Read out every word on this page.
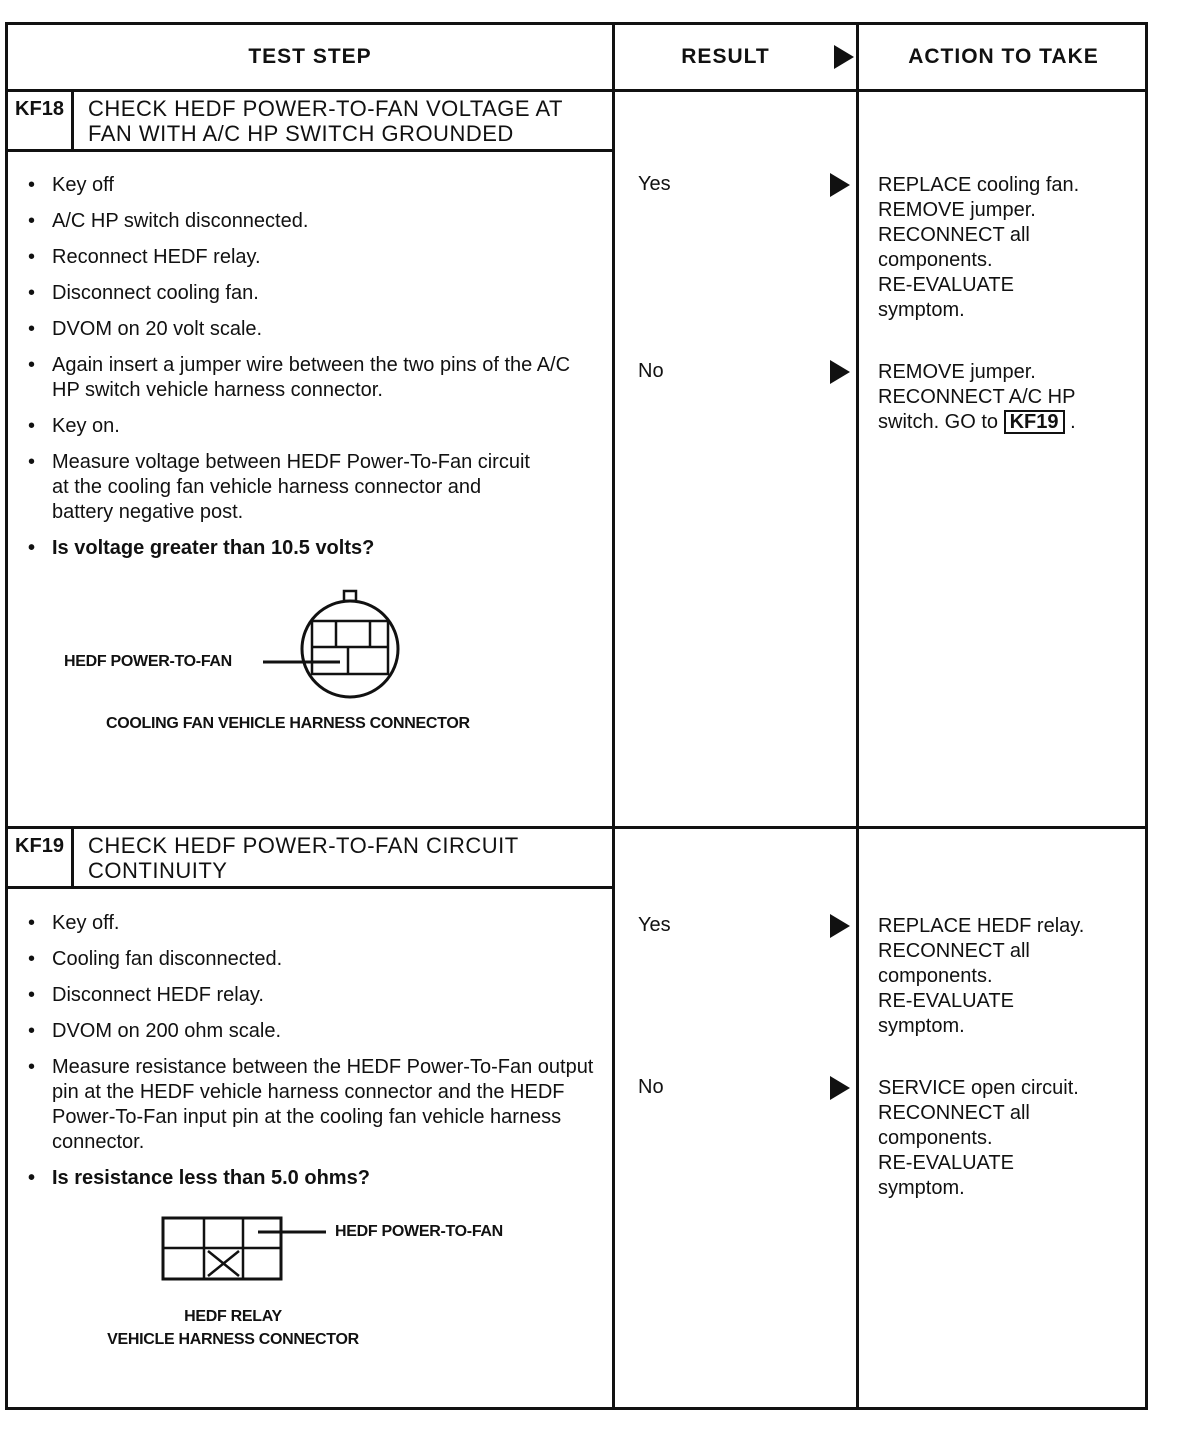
TEST STEP	RESULT	ACTION TO TAKE
KF18	CHECK HEDF POWER-TO-FAN VOLTAGE AT
FAN WITH A/C HP SWITCH GROUNDED
• Key off
• A/C HP switch disconnected.
• Reconnect HEDF relay.
• Disconnect cooling fan.
• DVOM on 20 volt scale.
• Again insert a jumper wire between the two pins of the A/C HP switch vehicle harness connector.
• Key on.
• Measure voltage between HEDF Power-To-Fan circuit at the cooling fan vehicle harness connector and battery negative post.
• Is voltage greater than 10.5 volts?
HEDF POWER-TO-FAN
COOLING FAN VEHICLE HARNESS CONNECTOR
Yes	REPLACE cooling fan.
REMOVE jumper.
RECONNECT all
components.
RE-EVALUATE
symptom.
No	REMOVE jumper.
RECONNECT A/C HP
switch. GO to KF19 .
KF19	CHECK HEDF POWER-TO-FAN CIRCUIT
CONTINUITY
• Key off.
• Cooling fan disconnected.
• Disconnect HEDF relay.
• DVOM on 200 ohm scale.
• Measure resistance between the HEDF Power-To-Fan output pin at the HEDF vehicle harness connector and the HEDF Power-To-Fan input pin at the cooling fan vehicle harness connector.
• Is resistance less than 5.0 ohms?
HEDF POWER-TO-FAN
HEDF RELAY
VEHICLE HARNESS CONNECTOR
Yes	REPLACE HEDF relay.
RECONNECT all
components.
RE-EVALUATE
symptom.
No	SERVICE open circuit.
RECONNECT all
components.
RE-EVALUATE
symptom.
